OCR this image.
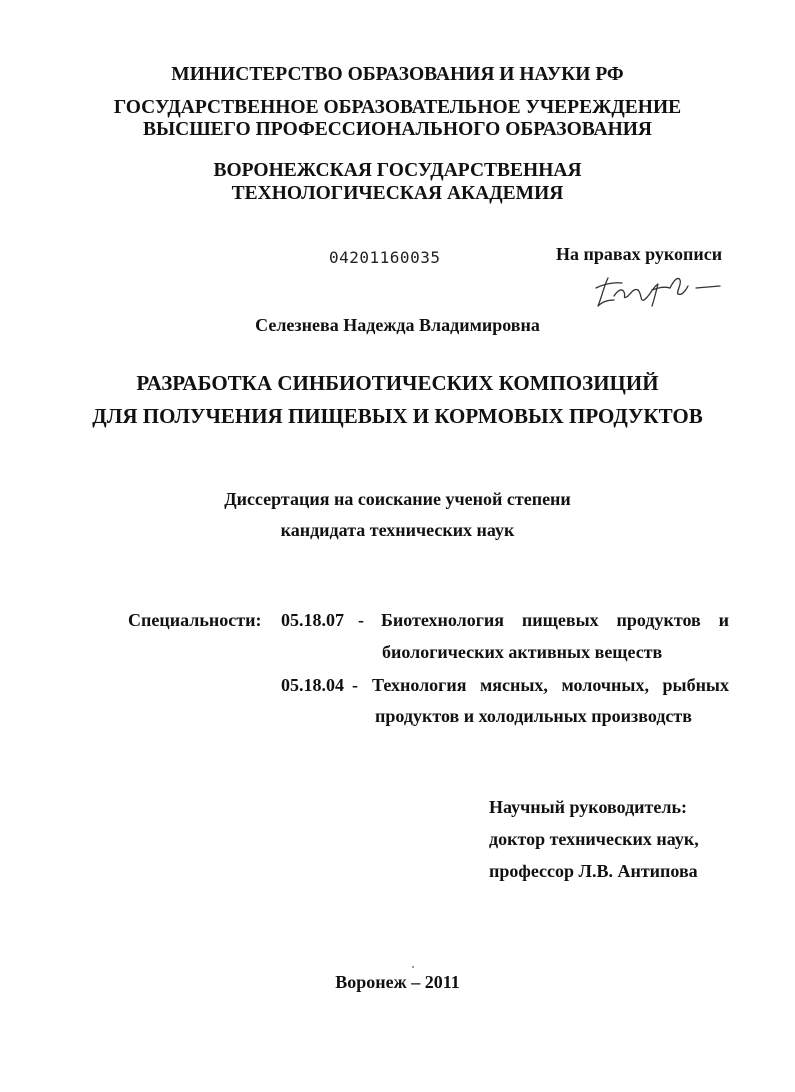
МИНИСТЕРСТВО ОБРАЗОВАНИЯ И НАУКИ РФ
ГОСУДАРСТВЕННОЕ ОБРАЗОВАТЕЛЬНОЕ УЧЕРЕЖДЕНИЕ
ВЫСШЕГО ПРОФЕССИОНАЛЬНОГО ОБРАЗОВАНИЯ
ВОРОНЕЖСКАЯ ГОСУДАРСТВЕННАЯ
ТЕХНОЛОГИЧЕСКАЯ АКАДЕМИЯ
04201160035	На правах рукописи
Селезнева Надежда Владимировна
РАЗРАБОТКА СИНБИОТИЧЕСКИХ КОМПОЗИЦИЙ
ДЛЯ ПОЛУЧЕНИЯ ПИЩЕВЫХ И КОРМОВЫХ ПРОДУКТОВ
Диссертация на соискание ученой степени
кандидата технических наук
Специальности: 05.18.07 - Биотехнология пищевых продуктов и
биологических активных веществ
05.18.04 - Технология мясных, молочных, рыбных
продуктов и холодильных производств
Научный руководитель:
доктор технических наук,
профессор Л.В. Антипова
Воронеж – 2011
